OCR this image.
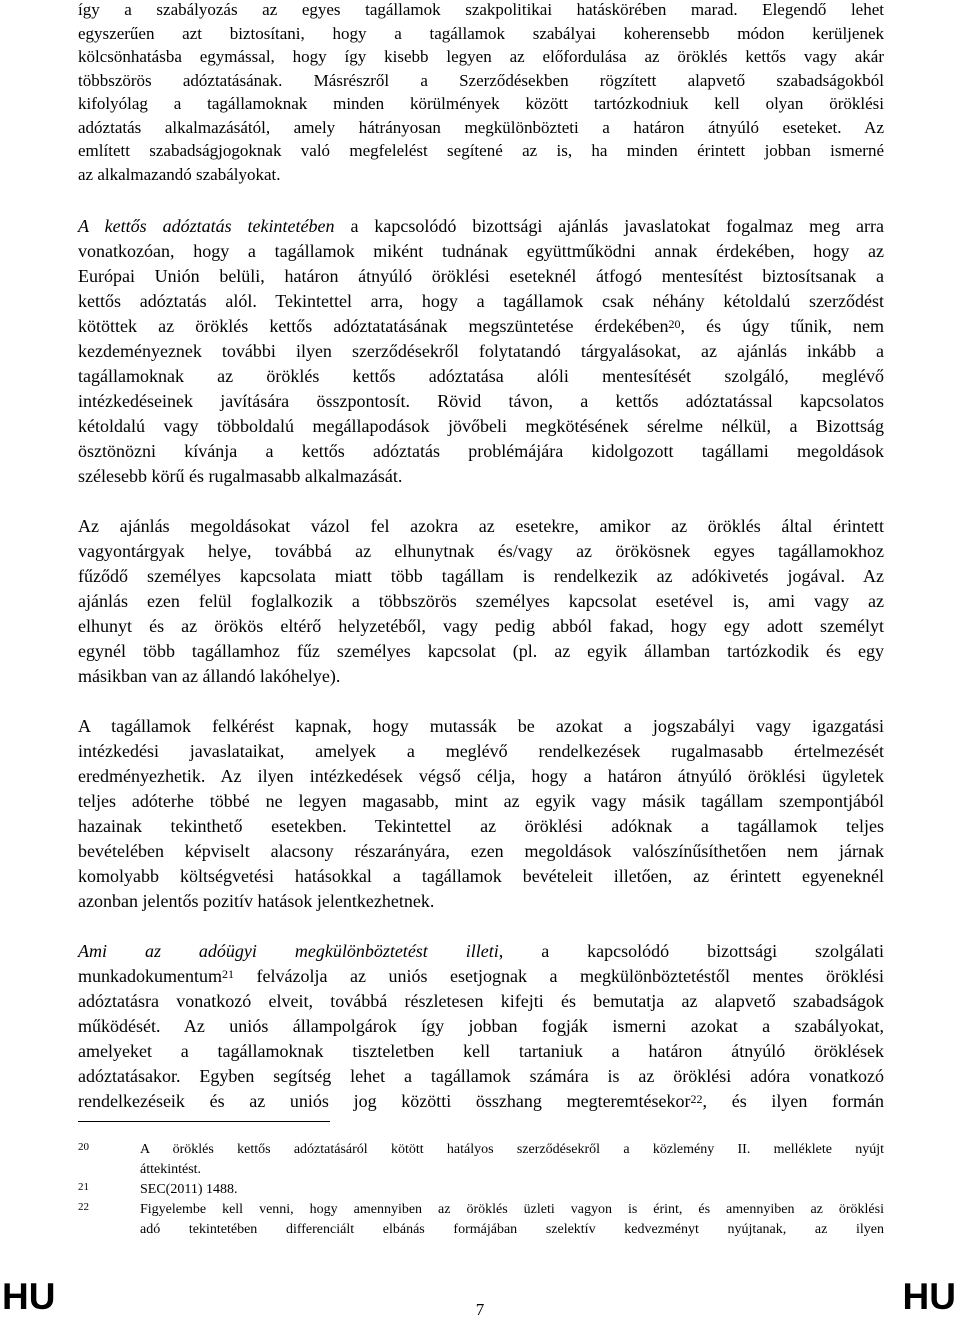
így a szabályozás az egyes tagállamok szakpolitikai hatáskörében marad. Elegendő lehet
egyszerűen azt biztosítani, hogy a tagállamok szabályai koherensebb módon kerüljenek
kölcsönhatásba egymással, hogy így kisebb legyen az előfordulása az öröklés kettős vagy akár
többszörös adóztatásának. Másrészről a Szerződésekben rögzített alapvető szabadságokból
kifolyólag a tagállamoknak minden körülmények között tartózkodniuk kell olyan öröklési
adóztatás alkalmazásától, amely hátrányosan megkülönbözteti a határon átnyúló eseteket. Az
említett szabadságjogoknak való megfelelést segítené az is, ha minden érintett jobban ismerné
az alkalmazandó szabályokat.

A kettős adóztatás tekintetében a kapcsolódó bizottsági ajánlás javaslatokat fogalmaz meg arra
vonatkozóan, hogy a tagállamok miként tudnának együttműködni annak érdekében, hogy az
Európai Unión belüli, határon átnyúló öröklési eseteknél átfogó mentesítést biztosítsanak a
kettős adóztatás alól. Tekintettel arra, hogy a tagállamok csak néhány kétoldalú szerződést
kötöttek az öröklés kettős adóztatatásának megszüntetése érdekében$^{20}$, és úgy tűnik, nem
kezdeményeznek további ilyen szerződésekről folytatandó tárgyalásokat, az ajánlás inkább a
tagállamoknak az öröklés kettős adóztatása alóli mentesítését szolgáló, meglévő
intézkedéseinek javítására összpontosít. Rövid távon, a kettős adóztatással kapcsolatos
kétoldalú vagy többoldalú megállapodások jövőbeli megkötésének sérelme nélkül, a Bizottság
ösztönözni kívánja a kettős adóztatás problémájára kidolgozott tagállami megoldások
szélesebb körű és rugalmasabb alkalmazását.

Az ajánlás megoldásokat vázol fel azokra az esetekre, amikor az öröklés által érintett
vagyontárgyak helye, továbbá az elhunytnak és/vagy az örökösnek egyes tagállamokhoz
fűződő személyes kapcsolata miatt több tagállam is rendelkezik az adókivetés jogával. Az
ajánlás ezen felül foglalkozik a többszörös személyes kapcsolat esetével is, ami vagy az
elhunyt és az örökös eltérő helyzetéből, vagy pedig abból fakad, hogy egy adott személyt
egynél több tagállamhoz fűz személyes kapcsolat (pl. az egyik államban tartózkodik és egy
másikban van az állandó lakóhelye).

A tagállamok felkérést kapnak, hogy mutassák be azokat a jogszabályi vagy igazgatási
intézkedési javaslataikat, amelyek a meglévő rendelkezések rugalmasabb értelmezését
eredményezhetik. Az ilyen intézkedések végső célja, hogy a határon átnyúló öröklési ügyletek
teljes adóterhe többé ne legyen magasabb, mint az egyik vagy másik tagállam szempontjából
hazainak tekinthető esetekben. Tekintettel az öröklési adóknak a tagállamok teljes
bevételében képviselt alacsony részarányára, ezen megoldások valószínűsíthetően nem járnak
komolyabb költségvetési hatásokkal a tagállamok bevételeit illetően, az érintett egyeneknél
azonban jelentős pozitív hatások jelentkezhetnek.

Ami az adóügyi megkülönböztetést illeti, a kapcsolódó bizottsági szolgálati
munkadokumentum$^{21}$ felvázolja az uniós esetjognak a megkülönböztetéstől mentes öröklési
adóztatásra vonatkozó elveit, továbbá részletesen kifejti és bemutatja az alapvető szabadságok
működését. Az uniós állampolgárok így jobban fogják ismerni azokat a szabályokat,
amelyeket a tagállamoknak tiszteletben kell tartaniuk a határon átnyúló öröklések
adóztatásakor. Egyben segítség lehet a tagállamok számára is az öröklési adóra vonatkozó
rendelkezéseik és az uniós jog közötti összhang megteremtésekor$^{22}$, és ilyen formán

20	A öröklés kettős adóztatásáról kötött hatályos szerződésekről a közlemény II. melléklete nyújt
áttekintést.
21	SEC(2011) 1488.
22	Figyelembe kell venni, hogy amennyiben az öröklés üzleti vagyon is érint, és amennyiben az öröklési
adó tekintetében differenciált elbánás formájában szelektív kedvezményt nyújtanak, az ilyen
HU	7	HU
